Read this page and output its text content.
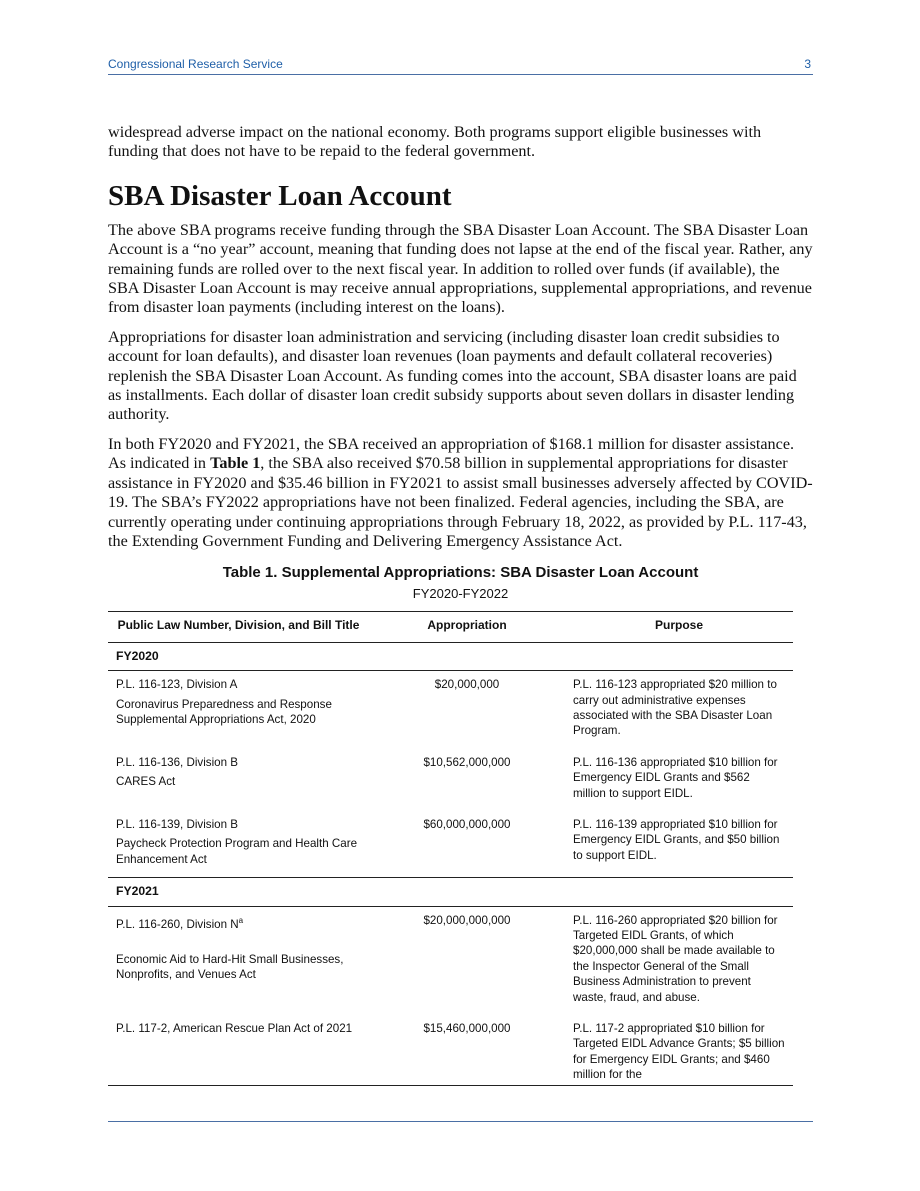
Congressional Research Service	3

widespread adverse impact on the national economy. Both programs support eligible businesses with funding that does not have to be repaid to the federal government.

SBA Disaster Loan Account

The above SBA programs receive funding through the SBA Disaster Loan Account. The SBA Disaster Loan Account is a “no year” account, meaning that funding does not lapse at the end of the fiscal year. Rather, any remaining funds are rolled over to the next fiscal year. In addition to rolled over funds (if available), the SBA Disaster Loan Account is may receive annual appropriations, supplemental appropriations, and revenue from disaster loan payments (including interest on the loans).

Appropriations for disaster loan administration and servicing (including disaster loan credit subsidies to account for loan defaults), and disaster loan revenues (loan payments and default collateral recoveries) replenish the SBA Disaster Loan Account. As funding comes into the account, SBA disaster loans are paid as installments. Each dollar of disaster loan credit subsidy supports about seven dollars in disaster lending authority.

In both FY2020 and FY2021, the SBA received an appropriation of $168.1 million for disaster assistance. As indicated in Table 1, the SBA also received $70.58 billion in supplemental appropriations for disaster assistance in FY2020 and $35.46 billion in FY2021 to assist small businesses adversely affected by COVID-19. The SBA’s FY2022 appropriations have not been finalized. Federal agencies, including the SBA, are currently operating under continuing appropriations through February 18, 2022, as provided by P.L. 117-43, the Extending Government Funding and Delivering Emergency Assistance Act.

Table 1. Supplemental Appropriations: SBA Disaster Loan Account
FY2020-FY2022
Public Law Number, Division, and Bill Title	Appropriation	Purpose
FY2020		

P.L. 116-123, Division A
Coronavirus Preparedness and Response Supplemental Appropriations Act, 2020	$20,000,000	P.L. 116-123 appropriated $20 million to carry out administrative expenses associated with the SBA Disaster Loan Program.

P.L. 116-136, Division B
CARES Act	$10,562,000,000	P.L. 116-136 appropriated $10 billion for Emergency EIDL Grants and $562 million to support EIDL.

P.L. 116-139, Division B
Paycheck Protection Program and Health Care Enhancement Act	$60,000,000,000	P.L. 116-139 appropriated $10 billion for Emergency EIDL Grants, and $50 billion to support EIDL.
FY2021		

P.L. 116-260, Division $N^a$
Economic Aid to Hard-Hit Small Businesses, Nonprofits, and Venues Act	$20,000,000,000	P.L. 116-260 appropriated $20 billion for Targeted EIDL Grants, of which $20,000,000 shall be made available to the Inspector General of the Small Business Administration to prevent waste, fraud, and abuse.

P.L. 117-2, American Rescue Plan Act of 2021	$15,460,000,000	P.L. 117-2 appropriated $10 billion for Targeted EIDL Advance Grants; $5 billion for Emergency EIDL Grants; and $460 million for the
